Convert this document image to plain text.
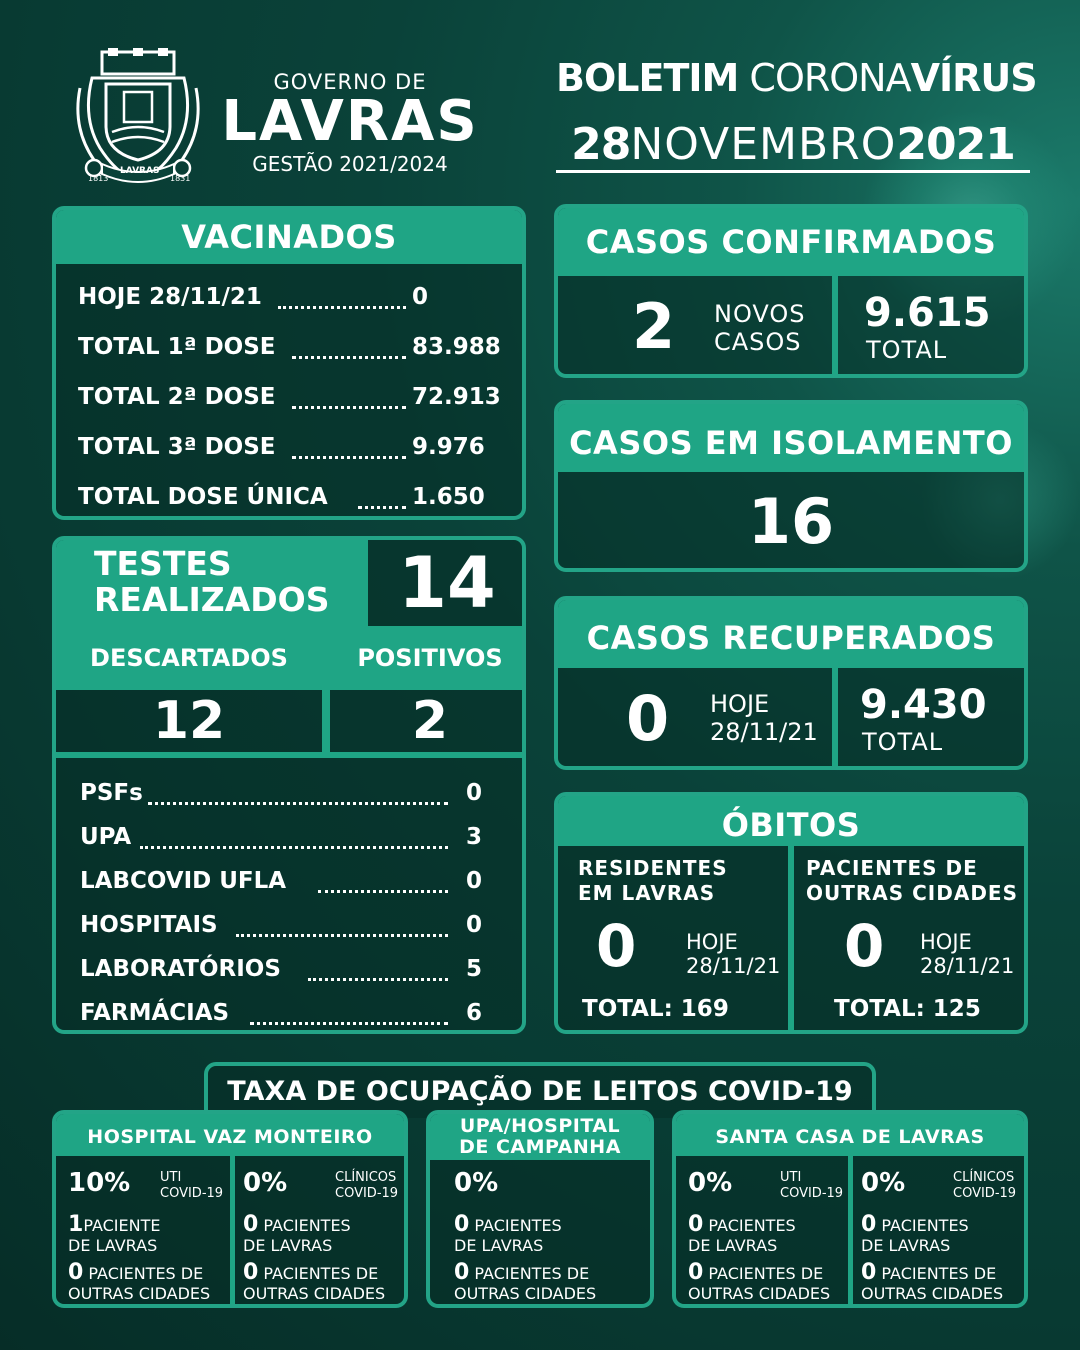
LAVRAS
1813	1831
GOVERNO DE
LAVRAS
GESTÃO 2021/2024
BOLETIM CORONAVÍRUS
28NOVEMBRO2021
VACINADOS
HOJE 28/11/21	0
TOTAL 1ª DOSE	83.988
TOTAL 2ª DOSE	72.913
TOTAL 3ª DOSE	9.976
TOTAL DOSE ÚNICA	1.650
TESTES
REALIZADOS 14
DESCARTADOS	POSITIVOS
12	2
PSFs	0
UPA	3
LABCOVID UFLA	0
HOSPITAIS	0
LABORATÓRIOS	5
FARMÁCIAS	6
CASOS CONFIRMADOS
2 NOVOS
CASOS
9.615
TOTAL
CASOS EM ISOLAMENTO
16
CASOS RECUPERADOS
0 HOJE
28/11/21
9.430
TOTAL
ÓBITOS
RESIDENTES
EM LAVRAS
0 HOJE
28/11/21
TOTAL: 169
PACIENTES DE
OUTRAS CIDADES
0 HOJE
28/11/21
TOTAL: 125
TAXA DE OCUPAÇÃO DE LEITOS COVID-19
HOSPITAL VAZ MONTEIRO
10% UTI
COVID-19
1PACIENTE
DE LAVRAS
0 PACIENTES DE
OUTRAS CIDADES
0%	CLÍNICOS
COVID-19
0 PACIENTES
DE LAVRAS
0 PACIENTES DE
OUTRAS CIDADES
UPA/HOSPITAL
DE CAMPANHA
0%
0 PACIENTES
DE LAVRAS
0 PACIENTES DE
OUTRAS CIDADES
SANTA CASA DE LAVRAS
0%	UTI
COVID-19
0 PACIENTES
DE LAVRAS
0 PACIENTES DE
OUTRAS CIDADES
0%	CLÍNICOS
COVID-19
0 PACIENTES
DE LAVRAS
0 PACIENTES DE
OUTRAS CIDADES
